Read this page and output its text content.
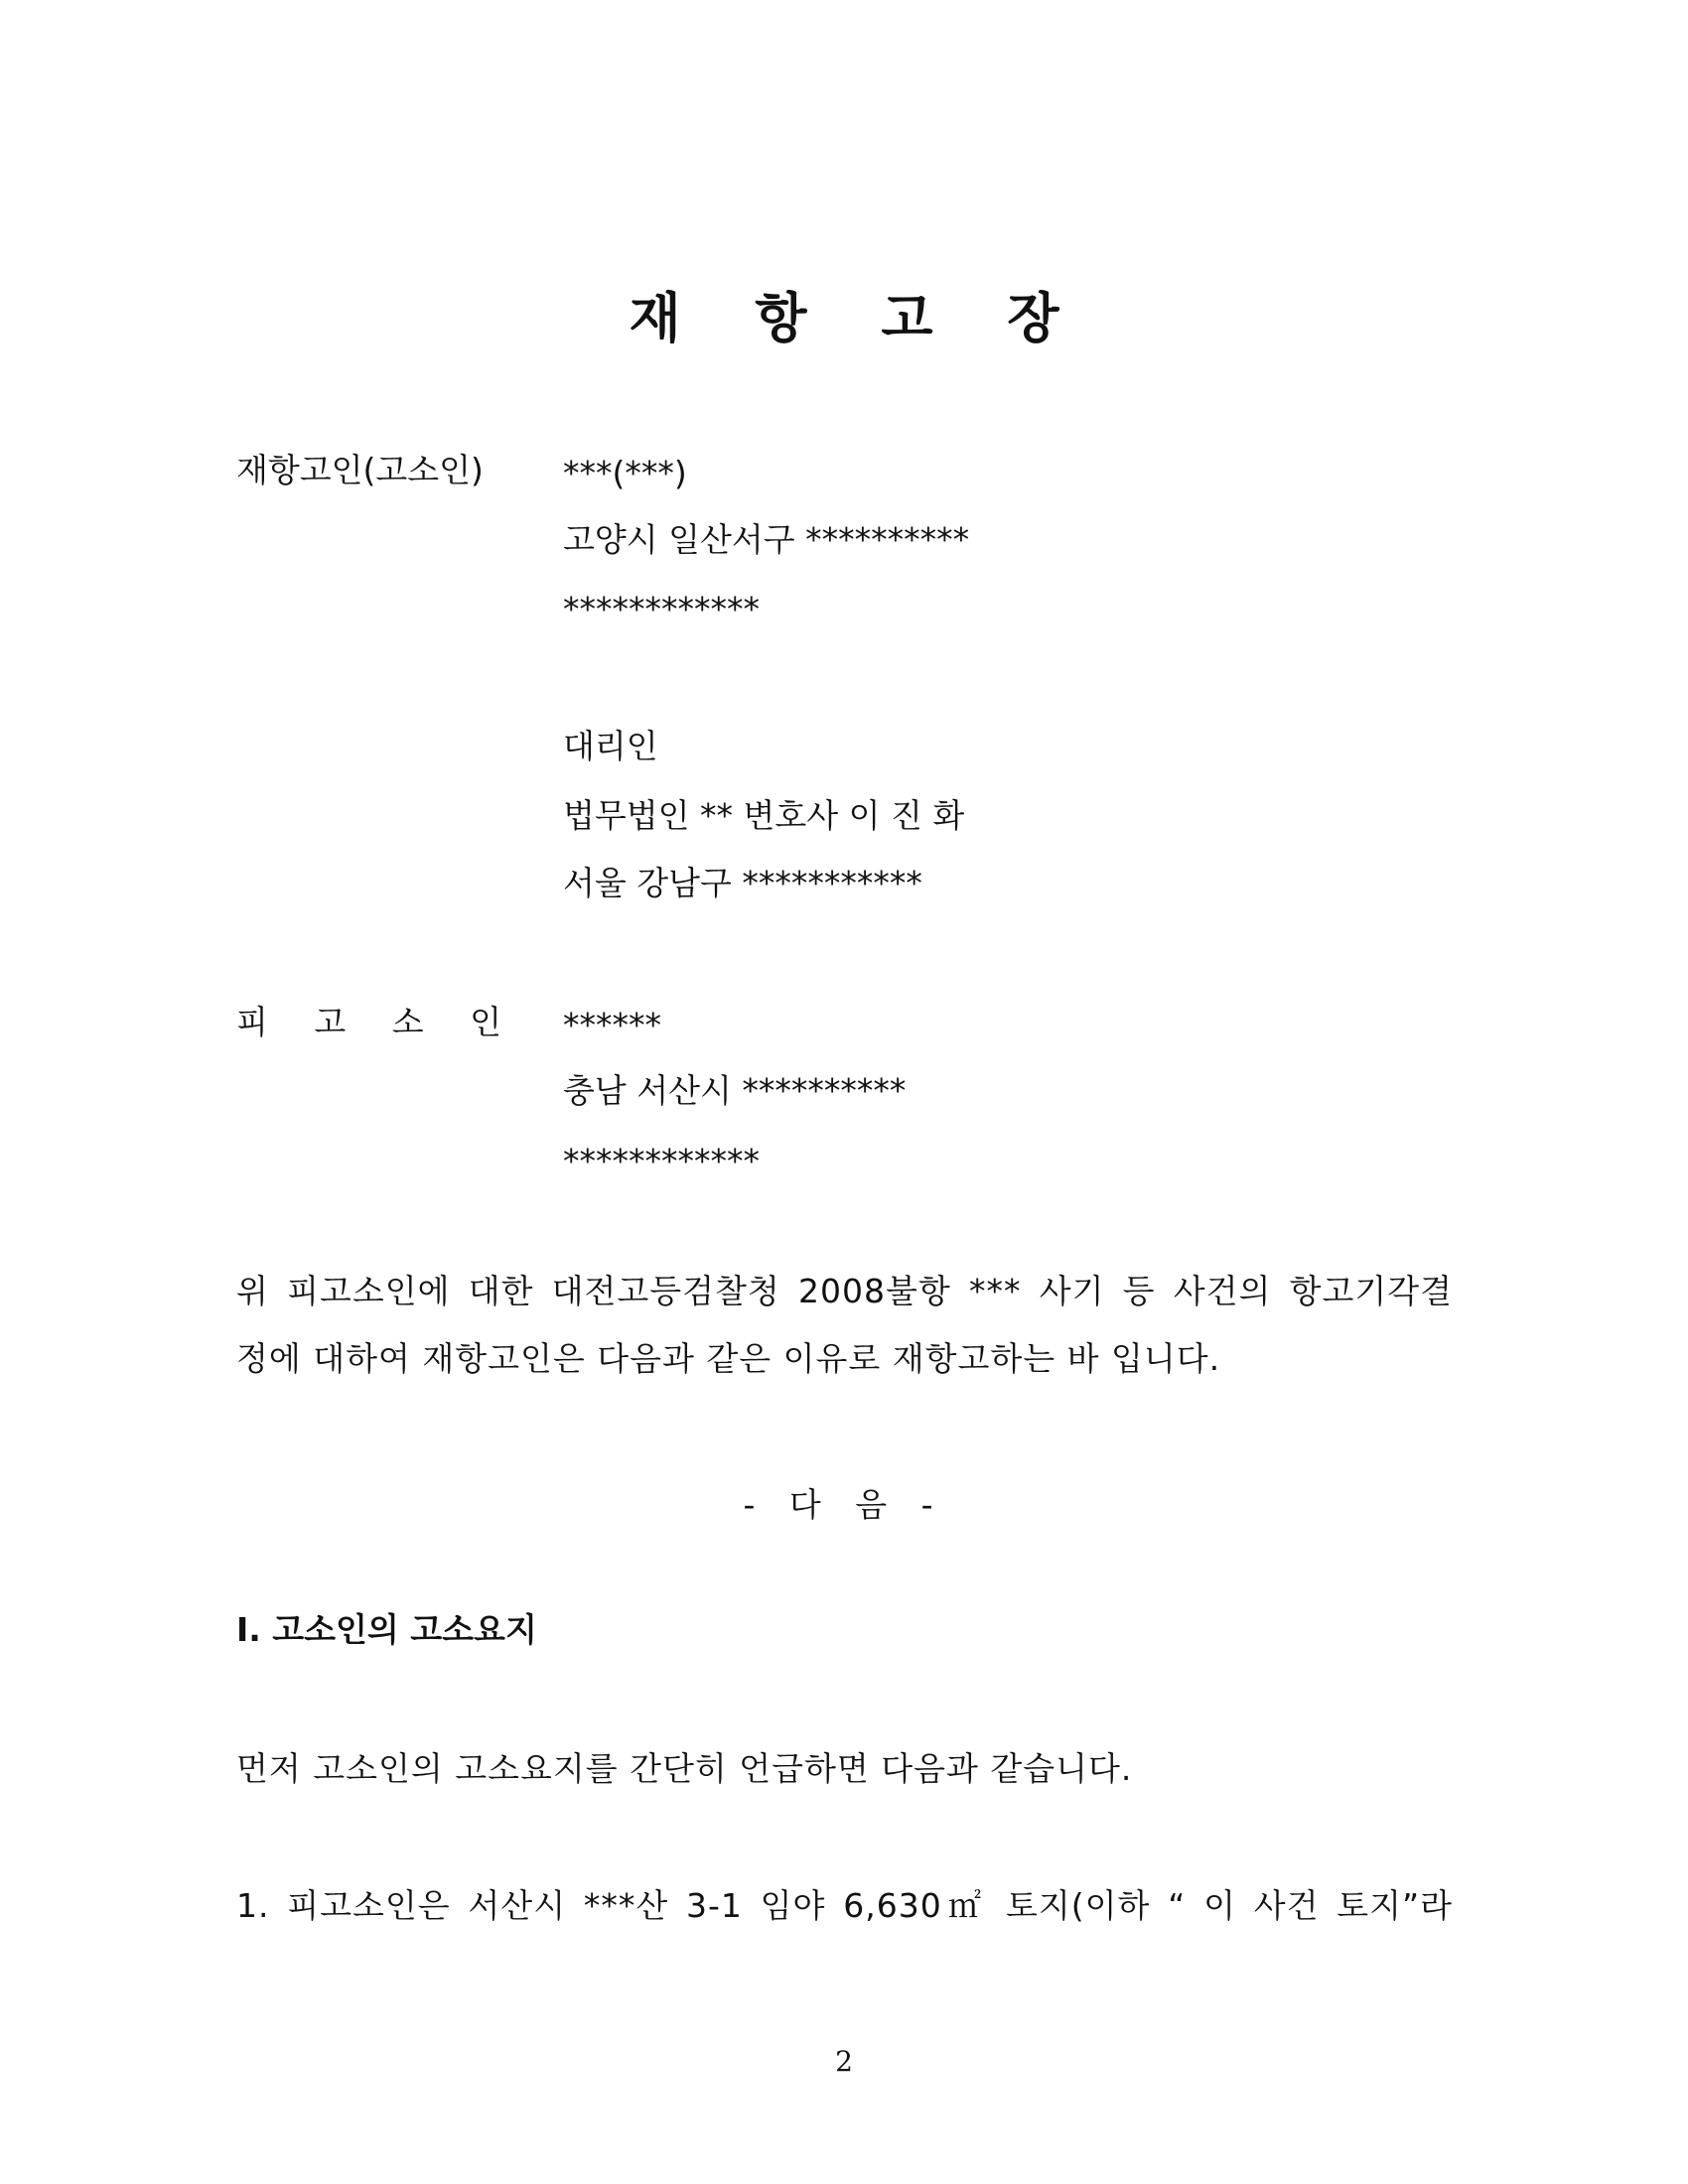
재 항 고 장
재항고인(고소인) ***(***)
고양시 일산서구 **********
************
대리인
법무법인 ** 변호사 이 진 화
서울 강남구 ***********
피 고 소 인 ******
충남 서산시 **********
************
위 피고소인에 대한 대전고등검찰청 2008불항 *** 사기 등 사건의 항고기각결
정에 대하여 재항고인은 다음과 같은 이유로 재항고하는 바 입니다.
- 다 음 -
Ⅰ. 고소인의 고소요지
먼저 고소인의 고소요지를 간단히 언급하면 다음과 같습니다.
1. 피고소인은 서산시 ***산 3-1 임야 6,630㎡ 토지(이하 “ 이 사건 토지”라
2
